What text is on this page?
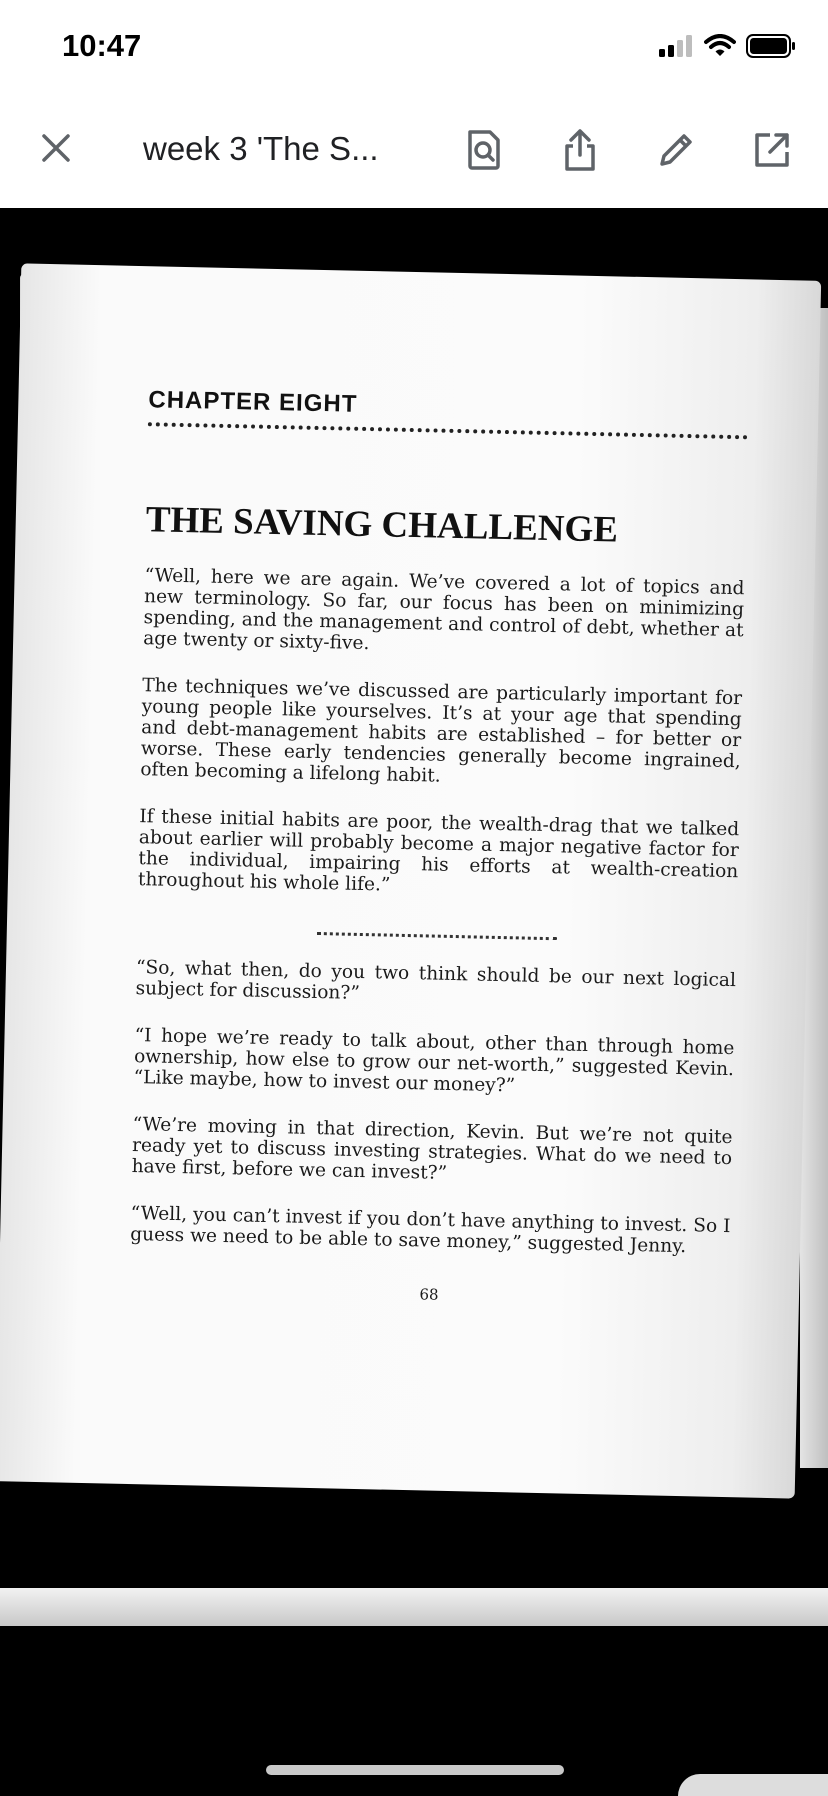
10:47
week 3 'The S...
CHAPTER EIGHT
THE SAVING CHALLENGE

“Well, here we are again. We’ve covered a lot of topics and new terminology. So far, our focus has been on minimizing spending, and the management and control of debt, whether at age twenty or sixty-five.

The techniques we’ve discussed are particularly important for young people like yourselves. It’s at your age that spending and debt-management habits are established – for better or worse. These early tendencies generally become ingrained, often becoming a lifelong habit.

If these initial habits are poor, the wealth-drag that we talked about earlier will probably become a major negative factor for the individual, impairing his efforts at wealth-creation throughout his whole life.”

“So, what then, do you two think should be our next logical subject for discussion?”

“I hope we’re ready to talk about, other than through home ownership, how else to grow our net-worth,” suggested Kevin. “Like maybe, how to invest our money?”

“We’re moving in that direction, Kevin. But we’re not quite ready yet to discuss investing strategies. What do we need to have first, before we can invest?”

“Well, you can’t invest if you don’t have anything to invest. So I guess we need to be able to save money,” suggested Jenny.

68
